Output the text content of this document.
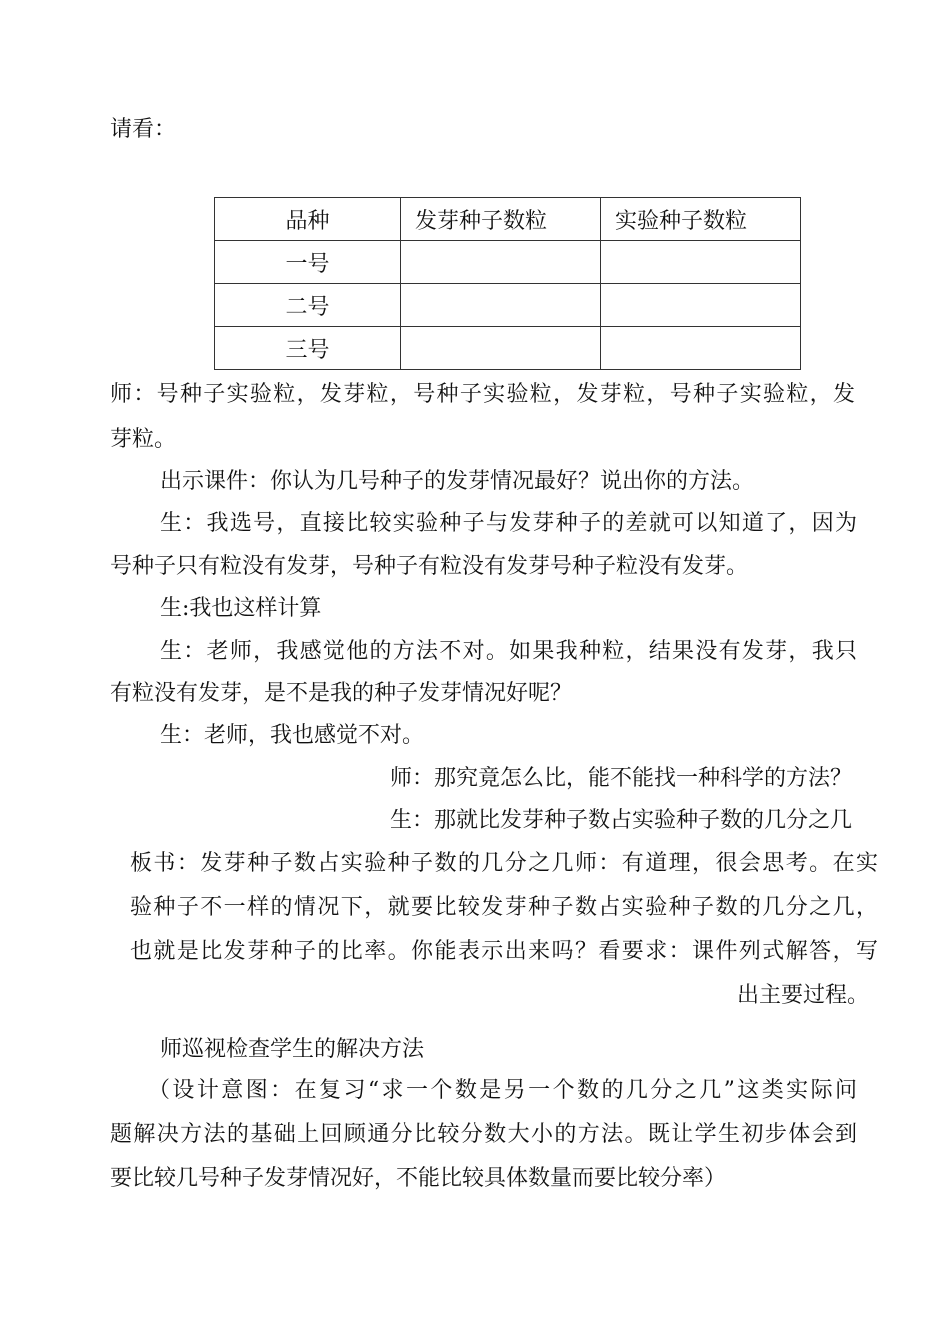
请看：
品种	发芽种子数粒	实验种子数粒
一号		
二号		
三号		
师：号种子实验粒，发芽粒，号种子实验粒，发芽粒，号种子实验粒，发
芽粒。
出示课件：你认为几号种子的发芽情况最好？说出你的方法。
生：我选号，直接比较实验种子与发芽种子的差就可以知道了，因为
号种子只有粒没有发芽，号种子有粒没有发芽号种子粒没有发芽。
生:我也这样计算
生：老师，我感觉他的方法不对。如果我种粒，结果没有发芽，我只
有粒没有发芽，是不是我的种子发芽情况好呢？
生：老师，我也感觉不对。
师：那究竟怎么比，能不能找一种科学的方法？
生：那就比发芽种子数占实验种子数的几分之几
板书：发芽种子数占实验种子数的几分之几师：有道理，很会思考。在实
验种子不一样的情况下，就要比较发芽种子数占实验种子数的几分之几，
也就是比发芽种子的比率。你能表示出来吗？看要求：课件列式解答，写
出主要过程。
师巡视检查学生的解决方法
（设计意图：在复习“求一个数是另一个数的几分之几”这类实际问
题解决方法的基础上回顾通分比较分数大小的方法。既让学生初步体会到
要比较几号种子发芽情况好，不能比较具体数量而要比较分率）
